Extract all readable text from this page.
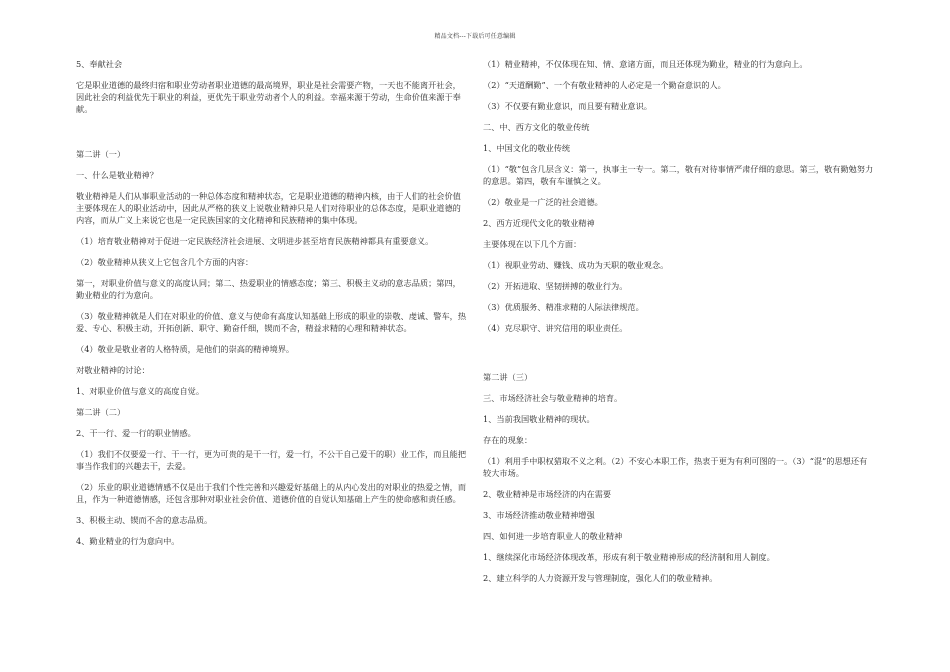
精品文档---下载后可任意编辑

5、奉献社会

它是职业道德的最终归宿和职业劳动者职业道德的最高境界，职业是社会需要产物，一天也不能离开社会，因此社会的利益优先于职业的利益，更优先于职业劳动者个人的利益。幸福来源于劳动，生命价值来源于奉献。

第二讲（一）

一、什么是敬业精神？

敬业精神是人们从事职业活动的一种总体态度和精神状态，它是职业道德的精神内核，由于人们的社会价值主要体现在人的职业活动中，因此从严格的狭义上说敬业精神只是人们对待职业的总体态度，是职业道德的内容，而从广义上来说它也是一定民族国家的文化精神和民族精神的集中体现。

（1）培育敬业精神对于促进一定民族经济社会进展、文明进步甚至培育民族精神都具有重要意义。

（2）敬业精神从狭义上它包含几个方面的内容：

第一，对职业价值与意义的高度认同；第二、热爱职业的情感态度；第三、积极主义动的意志品质；第四，勤业精业的行为意向。

（3）敬业精神就是人们在对职业的价值、意义与使命有高度认知基础上形成的职业的崇敬、虔诚、警车，热爱、专心、积极主动，开拓创新、职守、勤奋仟细，锲而不舍，精益求精的心理和精神状态。

（4）敬业是敬业者的人格特质，是他们的崇高的精神境界。

对敬业精神的讨论：

1、对职业价值与意义的高度自觉。

第二讲（二）

2、干一行、爱一行的职业情感。

（1）我们不仅要爱一行、干一行，更为可贵的是干一行，爱一行，不公干自己爱干的职）业工作，而且能把事当作我们的兴趣去干，去爱。

（2）乐业的职业道德情感不仅是出于我们个性完善和兴趣爱好基础上的从内心发出的对职业的热爱之情，而且，作为一种道德情感，还包含那种对职业社会价值、道德价值的自觉认知基础上产生的使命感和责任感。

3、积极主动、锲而不舍的意志品质。

4、勤业精业的行为意向中。

（1）精业精神，不仅体现在知、情、意诸方面，而且还体现为勤业，精业的行为意向上。

（2）“天道酬勤”、一个有敬业精神的人必定是一个勤奋意识的人。

（3）不仅要有勤业意识，而且要有精业意识。

二、中、西方文化的敬业传统

1、中国文化的敬业传统

（1）“敬”包含几层含义：第一，执事主一专一。第二，敬有对待事情严肃仔细的意思。第三，敬有勤勉努力的意思。第四，敬有车谨慎之义。

（2）敬业是一广泛的社会道德。

2、西方近现代文化的敬业精神

主要体现在以下几个方面：

（1）视职业劳动、赚钱、成功为天职的敬业观念。

（2）开拓进取、坚韧拼搏的敬业行为。

（3）优质服务、精准求精的人际法律规范。

（4）克尽职守、讲究信用的职业责任。

第二讲（三）

三、市场经济社会与敬业精神的培育。

1、当前我国敬业精神的现状。

存在的现象：

（1）利用手中职权猎取不义之利。（2）不安心本职工作，热衷于更为有利可图的一。（3）“混”的思想还有较大市场。

2、敬业精神是市场经济的内在需要

3、市场经济推动敬业精神增强

四、如何进一步培育职业人的敬业精神

1、继续深化市场经济体现改革，形成有利于敬业精神形成的经济制和用人制度。

2、建立科学的人力资源开发与管理制度，强化人们的敬业精神。
